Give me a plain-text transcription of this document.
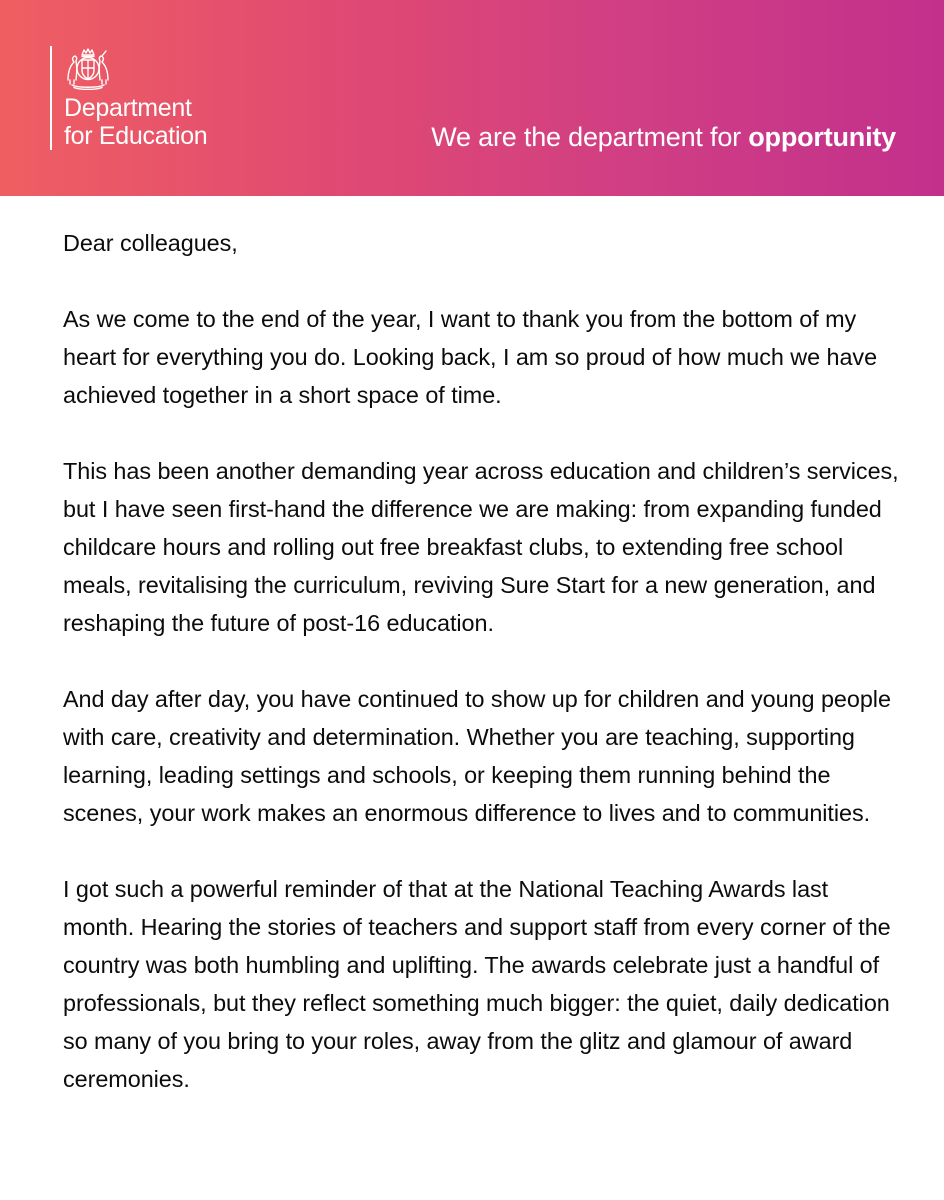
Department
for Education	We are the department for opportunity

Dear colleagues,

As we come to the end of the year, I want to thank you from the bottom of my heart for everything you do. Looking back, I am so proud of how much we have achieved together in a short space of time.

This has been another demanding year across education and children’s services, but I have seen first-hand the difference we are making: from expanding funded childcare hours and rolling out free breakfast clubs, to extending free school meals, revitalising the curriculum, reviving Sure Start for a new generation, and reshaping the future of post-16 education.

And day after day, you have continued to show up for children and young people with care, creativity and determination. Whether you are teaching, supporting learning, leading settings and schools, or keeping them running behind the scenes, your work makes an enormous difference to lives and to communities.

I got such a powerful reminder of that at the National Teaching Awards last month. Hearing the stories of teachers and support staff from every corner of the country was both humbling and uplifting. The awards celebrate just a handful of professionals, but they reflect something much bigger: the quiet, daily dedication so many of you bring to your roles, away from the glitz and glamour of award ceremonies.
